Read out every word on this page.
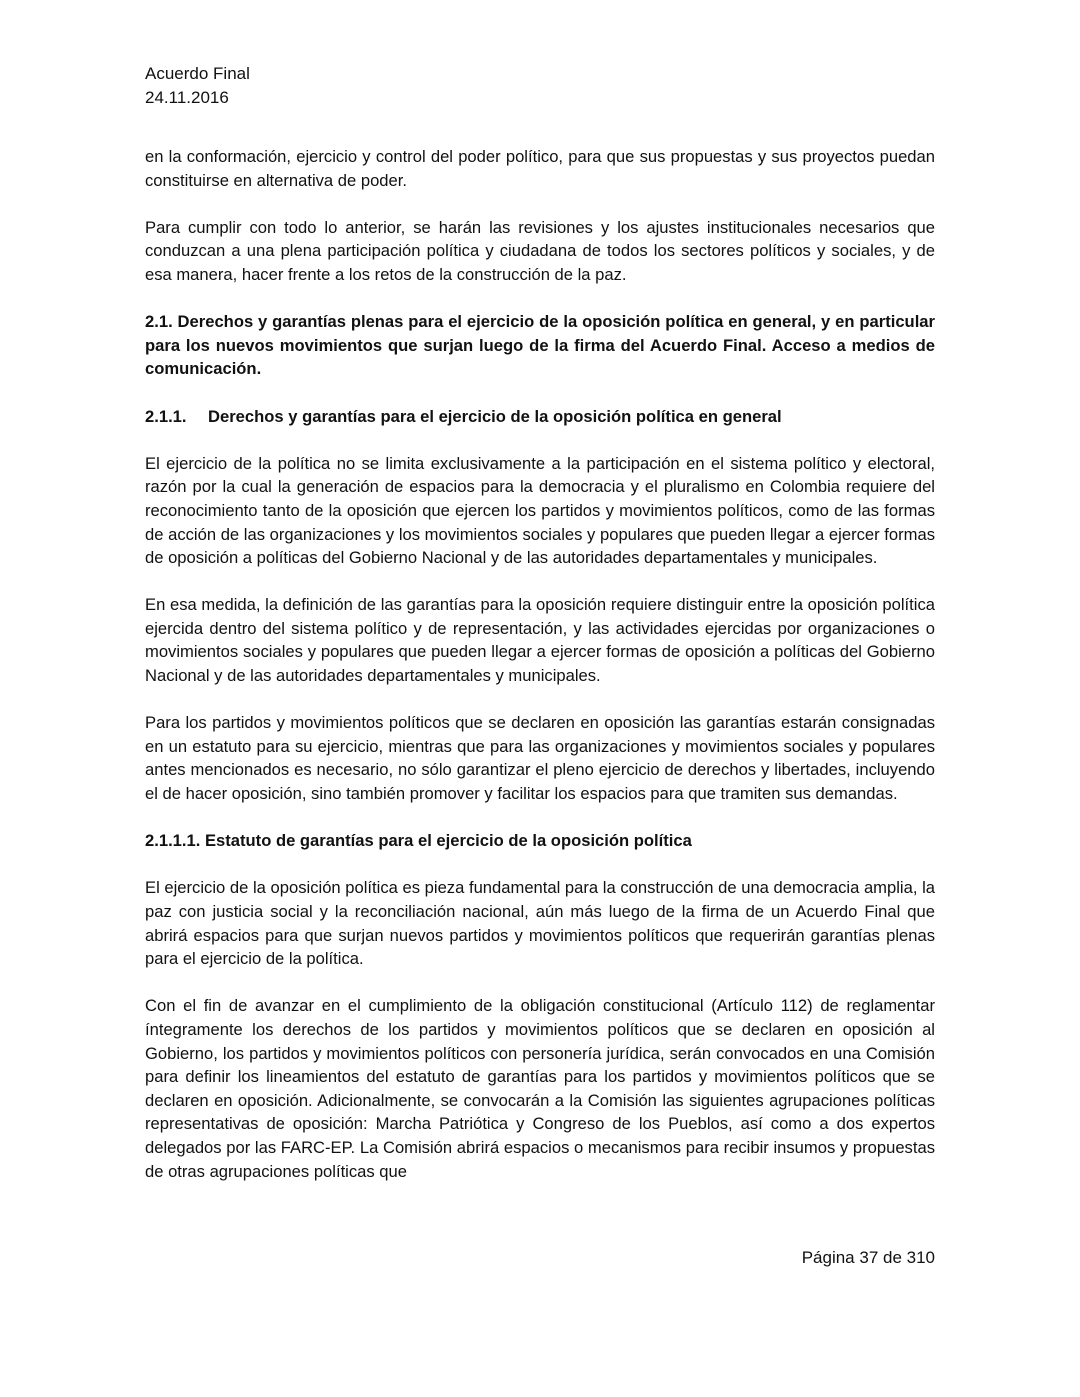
Acuerdo Final
24.11.2016

en la conformación, ejercicio y control del poder político, para que sus propuestas y sus proyectos puedan constituirse en alternativa de poder.

Para cumplir con todo lo anterior, se harán las revisiones y los ajustes institucionales necesarios que conduzcan a una plena participación política y ciudadana de todos los sectores políticos y sociales, y de esa manera, hacer frente a los retos de la construcción de la paz.

2.1. Derechos y garantías plenas para el ejercicio de la oposición política en general, y en particular para los nuevos movimientos que surjan luego de la firma del Acuerdo Final. Acceso a medios de comunicación.
2.1.1. Derechos y garantías para el ejercicio de la oposición política en general

El ejercicio de la política no se limita exclusivamente a la participación en el sistema político y electoral, razón por la cual la generación de espacios para la democracia y el pluralismo en Colombia requiere del reconocimiento tanto de la oposición que ejercen los partidos y movimientos políticos, como de las formas de acción de las organizaciones y los movimientos sociales y populares que pueden llegar a ejercer formas de oposición a políticas del Gobierno Nacional y de las autoridades departamentales y municipales.

En esa medida, la definición de las garantías para la oposición requiere distinguir entre la oposición política ejercida dentro del sistema político y de representación, y las actividades ejercidas por organizaciones o movimientos sociales y populares que pueden llegar a ejercer formas de oposición a políticas del Gobierno Nacional y de las autoridades departamentales y municipales.

Para los partidos y movimientos políticos que se declaren en oposición las garantías estarán consignadas en un estatuto para su ejercicio, mientras que para las organizaciones y movimientos sociales y populares antes mencionados es necesario, no sólo garantizar el pleno ejercicio de derechos y libertades, incluyendo el de hacer oposición, sino también promover y facilitar los espacios para que tramiten sus demandas.

2.1.1.1. Estatuto de garantías para el ejercicio de la oposición política

El ejercicio de la oposición política es pieza fundamental para la construcción de una democracia amplia, la paz con justicia social y la reconciliación nacional, aún más luego de la firma de un Acuerdo Final que abrirá espacios para que surjan nuevos partidos y movimientos políticos que requerirán garantías plenas para el ejercicio de la política.

Con el fin de avanzar en el cumplimiento de la obligación constitucional (Artículo 112) de reglamentar íntegramente los derechos de los partidos y movimientos políticos que se declaren en oposición al Gobierno, los partidos y movimientos políticos con personería jurídica, serán convocados en una Comisión para definir los lineamientos del estatuto de garantías para los partidos y movimientos políticos que se declaren en oposición. Adicionalmente, se convocarán a la Comisión las siguientes agrupaciones políticas representativas de oposición: Marcha Patriótica y Congreso de los Pueblos, así como a dos expertos delegados por las FARC-EP. La Comisión abrirá espacios o mecanismos para recibir insumos y propuestas de otras agrupaciones políticas que

Página 37 de 310
